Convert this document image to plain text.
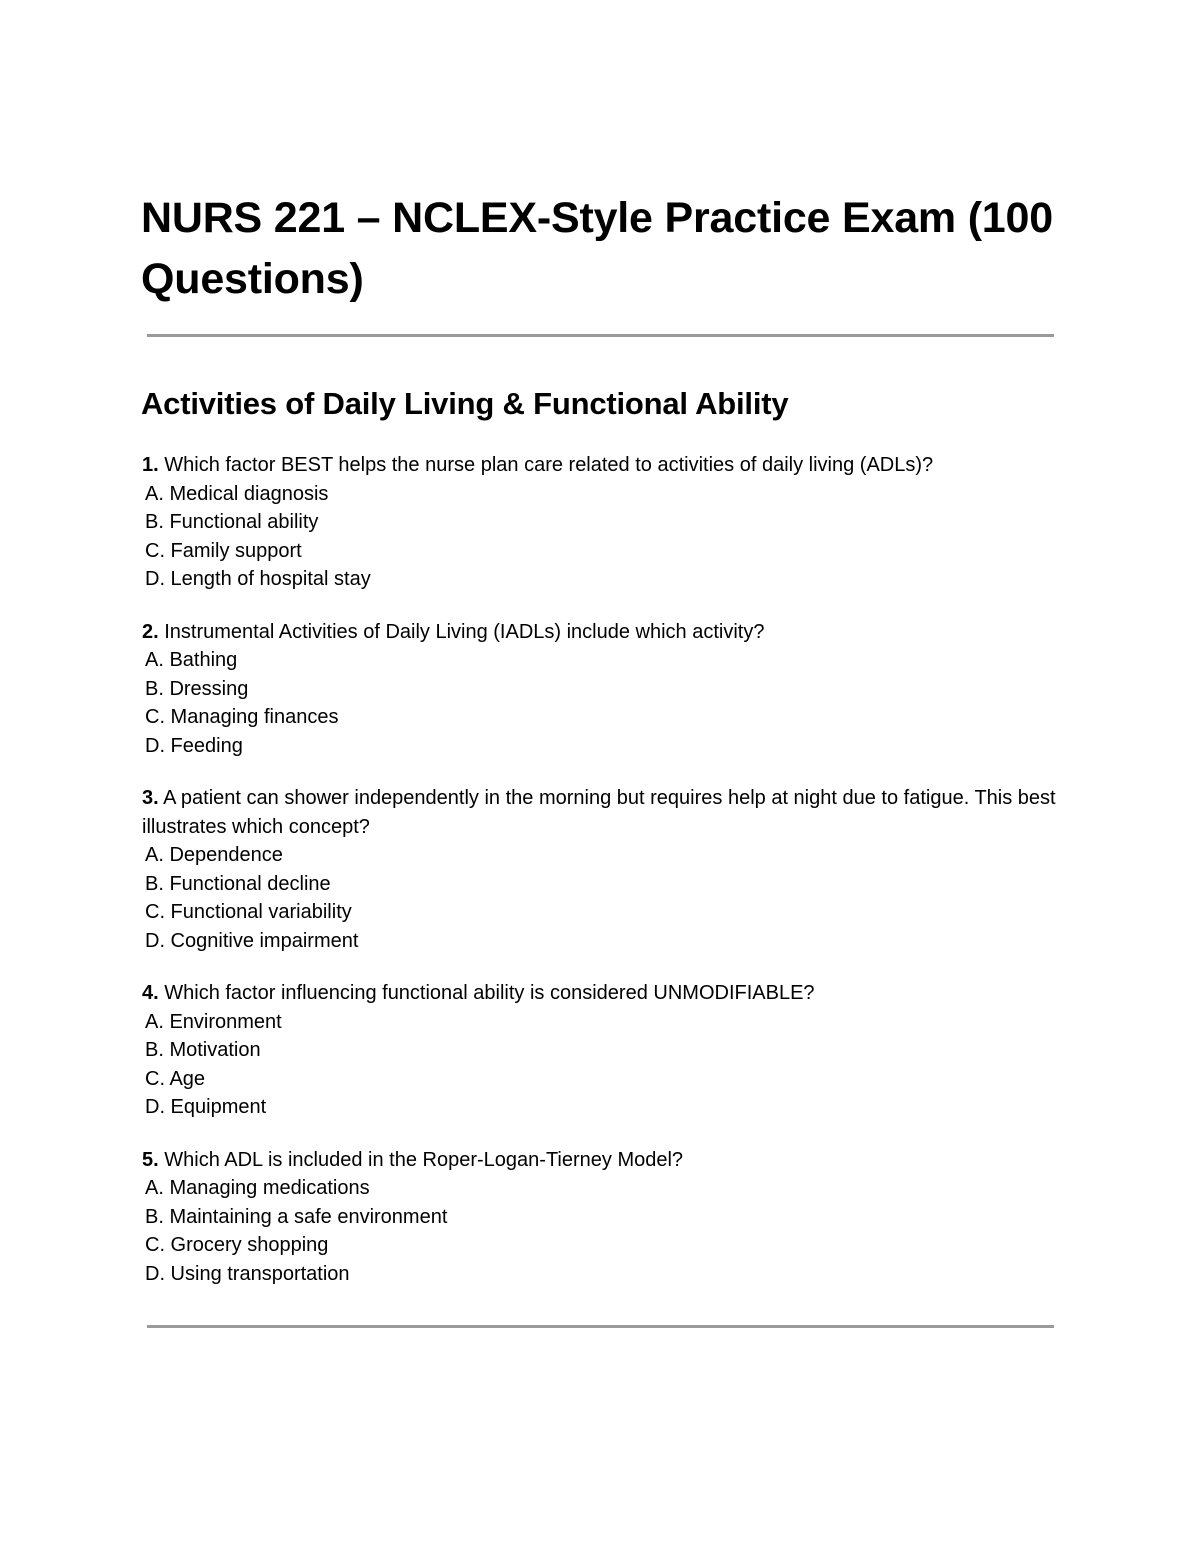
NURS 221 – NCLEX-Style Practice Exam (100 Questions)
Activities of Daily Living & Functional Ability

1. Which factor BEST helps the nurse plan care related to activities of daily living (ADLs)?

A. Medical diagnosis

B. Functional ability

C. Family support

D. Length of hospital stay

2. Instrumental Activities of Daily Living (IADLs) include which activity?

A. Bathing

B. Dressing

C. Managing finances

D. Feeding

3. A patient can shower independently in the morning but requires help at night due to fatigue. This best illustrates which concept?

A. Dependence

B. Functional decline

C. Functional variability

D. Cognitive impairment

4. Which factor influencing functional ability is considered UNMODIFIABLE?

A. Environment

B. Motivation

C. Age

D. Equipment

5. Which ADL is included in the Roper-Logan-Tierney Model?

A. Managing medications

B. Maintaining a safe environment

C. Grocery shopping

D. Using transportation
